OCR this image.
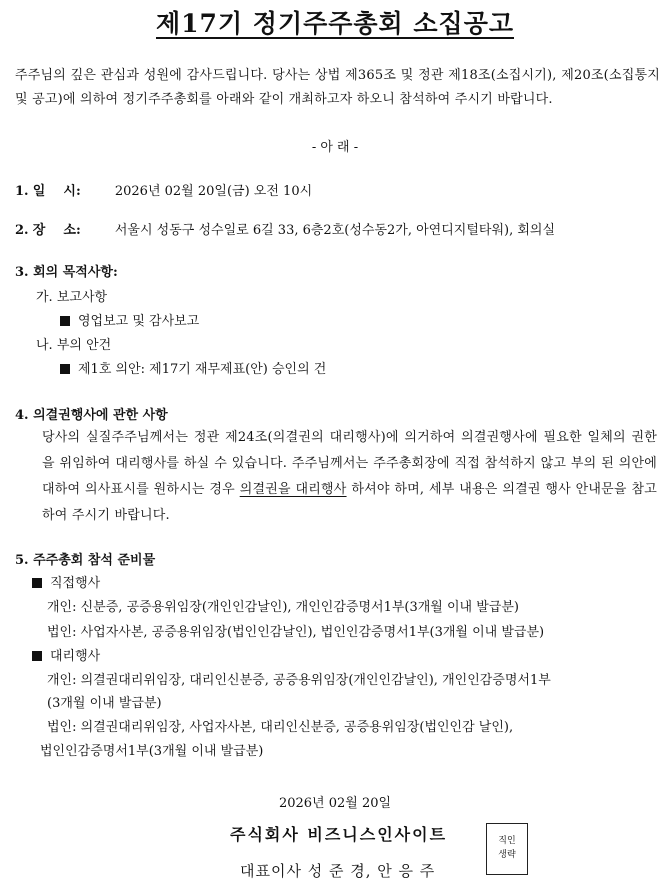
제17기 정기주주총회 소집공고
주주님의 깊은 관심과 성원에 감사드립니다. 당사는 상법 제365조 및 정관 제18조(소집시기), 제20조(소집통지 및 공고)에 의하여 정기주주총회를 아래와 같이 개최하고자 하오니 참석하여 주시기 바랍니다.
- 아 래 -
1. 일    시:	2026년 02월 20일(금) 오전 10시
2. 장    소:	서울시 성동구 성수일로 6길 33, 6층2호(성수동2가, 아연디지털타워), 회의실
3. 회의 목적사항:
가. 보고사항
영업보고 및 감사보고
나. 부의 안건
제1호 의안: 제17기 재무제표(안) 승인의 건
4. 의결권행사에 관한 사항
당사의 실질주주님께서는 정관 제24조(의결권의 대리행사)에 의거하여 의결권행사에 필요한 일체의 권한을 위임하여 대리행사를 하실 수 있습니다. 주주님께서는 주주총회장에 직접 참석하지 않고 부의 된 의안에 대하여 의사표시를 원하시는 경우 의결권을 대리행사 하셔야 하며, 세부 내용은 의결권 행사 안내문을 참고하여 주시기 바랍니다.
5. 주주총회 참석 준비물
직접행사
개인: 신분증, 공증용위임장(개인인감날인), 개인인감증명서1부(3개월 이내 발급분)
법인: 사업자사본, 공증용위임장(법인인감날인), 법인인감증명서1부(3개월 이내 발급분)
대리행사
개인: 의결권대리위임장, 대리인신분증, 공증용위임장(개인인감날인), 개인인감증명서1부
(3개월 이내 발급분)
법인: 의결권대리위임장, 사업자사본, 대리인신분증, 공증용위임장(법인인감 날인),
법인인감증명서1부(3개월 이내 발급분)
2026년 02월 20일
주식회사 비즈니스인사이트
대표이사 성 준 경, 안 응 주
직인
생략
